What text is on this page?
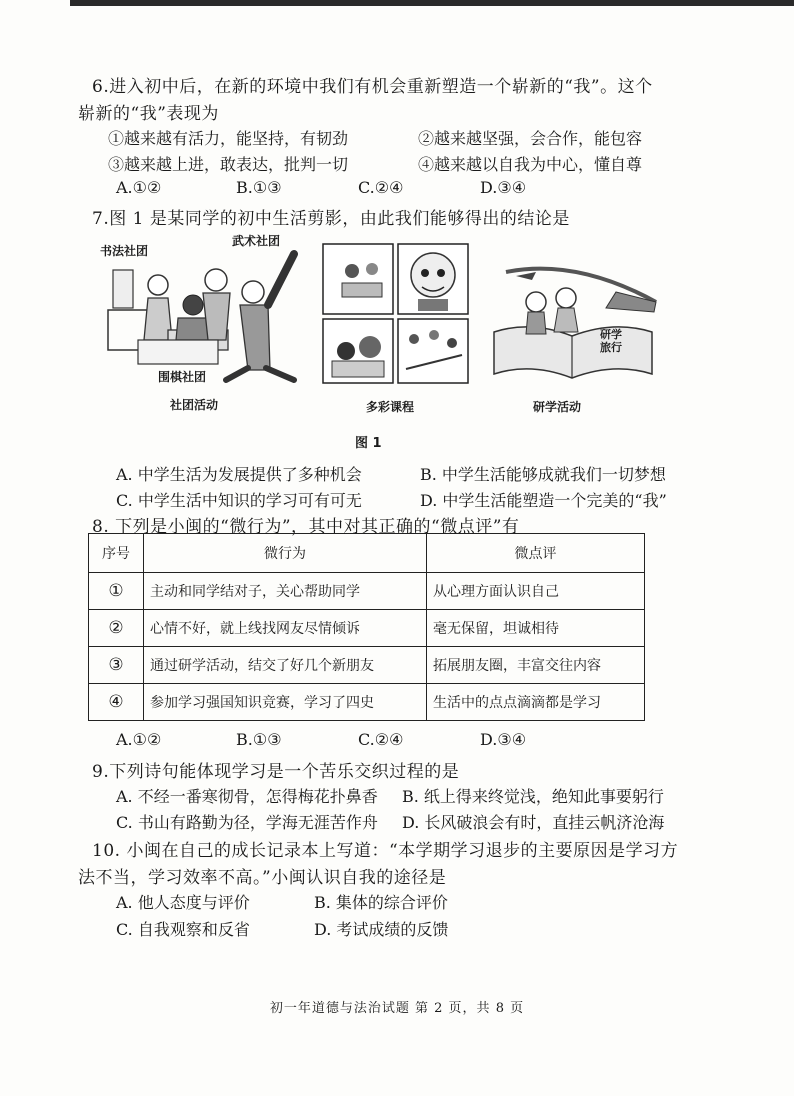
6.进入初中后，在新的环境中我们有机会重新塑造一个崭新的“我”。这个
崭新的“我”表现为
①越来越有活力，能坚持，有韧劲	②越来越坚强，会合作，能包容
③越来越上进，敢表达，批判一切	④越来越以自我为中心，懂自尊
A.①②	B.①③	C.②④	D.③④
7.图 1 是某同学的初中生活剪影，由此我们能够得出的结论是
书法社团
武术社团
围棋社团
社团活动	多彩课程
研学旅行
研学活动
图 1
A. 中学生活为发展提供了多种机会	B. 中学生活能够成就我们一切梦想
C. 中学生活中知识的学习可有可无	D. 中学生活能塑造一个完美的“我”
8. 下列是小闽的“微行为”，其中对其正确的“微点评”有
序号	微行为	微点评
①	主动和同学结对子，关心帮助同学	从心理方面认识自己
②	心情不好，就上线找网友尽情倾诉	毫无保留，坦诚相待
③	通过研学活动，结交了好几个新朋友	拓展朋友圈，丰富交往内容
④	参加学习强国知识竞赛，学习了四史	生活中的点点滴滴都是学习
A.①②	B.①③	C.②④	D.③④
9.下列诗句能体现学习是一个苦乐交织过程的是
A. 不经一番寒彻骨，怎得梅花扑鼻香 B. 纸上得来终觉浅，绝知此事要躬行
C. 书山有路勤为径，学海无涯苦作舟 D. 长风破浪会有时，直挂云帆济沧海
10. 小闽在自己的成长记录本上写道：“本学期学习退步的主要原因是学习方
法不当，学习效率不高。”小闽认识自我的途径是
A. 他人态度与评价	B. 集体的综合评价
C. 自我观察和反省	D. 考试成绩的反馈
初一年道德与法治试题 第 2 页，共 8 页
